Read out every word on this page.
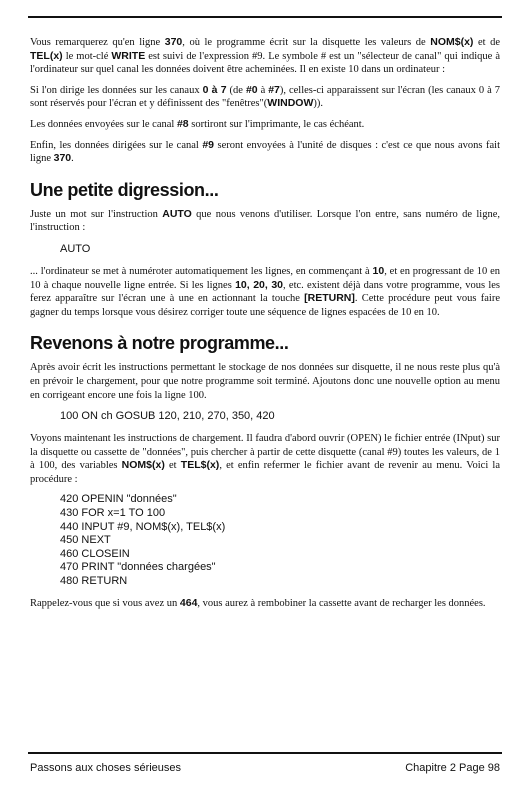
Vous remarquerez qu'en ligne 370, où le programme écrit sur la disquette les valeurs de NOM$(x) et de TEL(x) le mot-clé WRITE est suivi de l'expression #9. Le symbole # est un "sélecteur de canal" qui indique à l'ordinateur sur quel canal les données doivent être acheminées. Il en existe 10 dans un ordinateur :

Si l'on dirige les données sur les canaux 0 à 7 (de #0 à #7), celles-ci apparaissent sur l'écran (les canaux 0 à 7 sont réservés pour l'écran et y définissent des "fenêtres"(WINDOW)).

Les données envoyées sur le canal #8 sortiront sur l'imprimante, le cas échéant.

Enfin, les données dirigées sur le canal #9 seront envoyées à l'unité de disques : c'est ce que nous avons fait ligne 370.

Une petite digression...

Juste un mot sur l'instruction AUTO que nous venons d'utiliser. Lorsque l'on entre, sans numéro de ligne, l'instruction :

AUTO

... l'ordinateur se met à numéroter automatiquement les lignes, en commençant à 10, et en progressant de 10 en 10 à chaque nouvelle ligne entrée. Si les lignes 10, 20, 30, etc. existent déjà dans votre programme, vous les ferez apparaître sur l'écran une à une en actionnant la touche [RETURN]. Cette procédure peut vous faire gagner du temps lorsque vous désirez corriger toute une séquence de lignes espacées de 10 en 10.

Revenons à notre programme...

Après avoir écrit les instructions permettant le stockage de nos données sur disquette, il ne nous reste plus qu'à en prévoir le chargement, pour que notre programme soit terminé. Ajoutons donc une nouvelle option au menu en corrigeant encore une fois la ligne 100.

100 ON ch GOSUB 120, 210, 270, 350, 420

Voyons maintenant les instructions de chargement. Il faudra d'abord ouvrir (OPEN) le fichier entrée (INput) sur la disquette ou cassette de "données", puis chercher à partir de cette disquette (canal #9) toutes les valeurs, de 1 à 100, des variables NOM$(x) et TEL$(x), et enfin refermer le fichier avant de revenir au menu. Voici la procédure :

420 OPENIN "données"
430 FOR x=1 TO 100
440 INPUT #9, NOM$(x), TEL$(x)
450 NEXT
460 CLOSEIN
470 PRINT "données chargées"
480 RETURN

Rappelez-vous que si vous avez un 464, vous aurez à rembobiner la cassette avant de recharger les données.

Passons aux choses sérieuses	Chapitre 2 Page 98
